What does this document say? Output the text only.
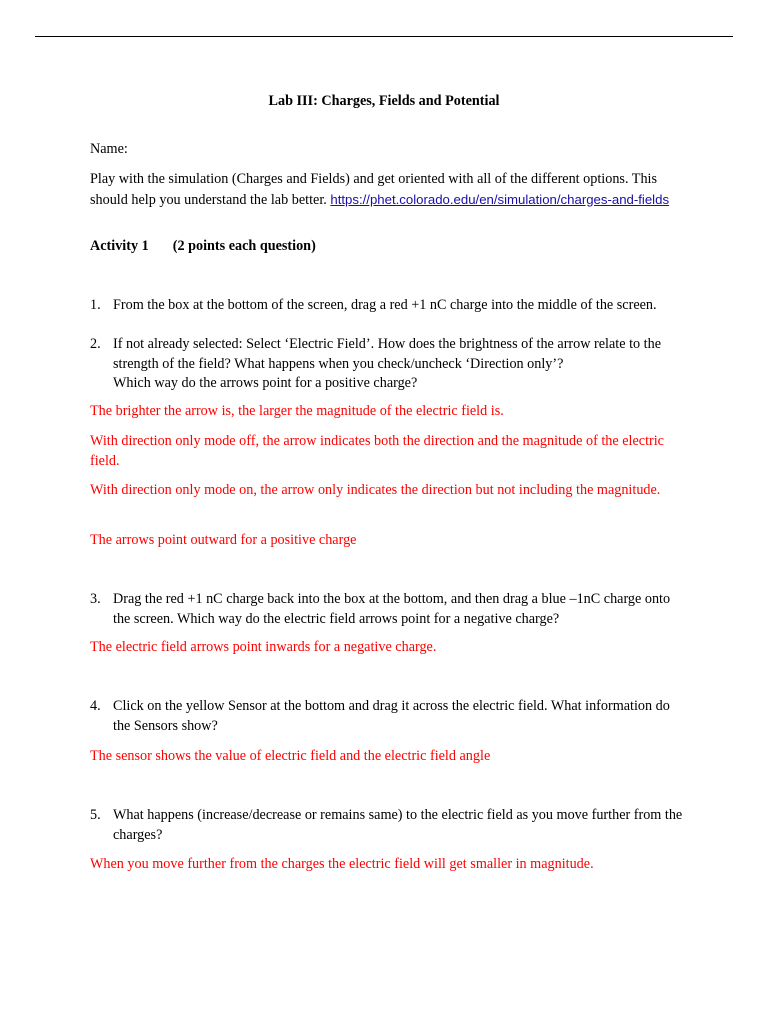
Lab III: Charges, Fields and Potential
Name:
Play with the simulation (Charges and Fields) and get oriented with all of the different options. This should help you understand the lab better. https://phet.colorado.edu/en/simulation/charges-and-fields
Activity 1 (2 points each question)
1. From the box at the bottom of the screen, drag a red +1 nC charge into the middle of the screen.
2. If not already selected: Select ‘Electric Field’. How does the brightness of the arrow relate to the strength of the field? What happens when you check/uncheck ‘Direction only’?
Which way do the arrows point for a positive charge?
The brighter the arrow is, the larger the magnitude of the electric field is.
With direction only mode off, the arrow indicates both the direction and the magnitude of the electric field.
With direction only mode on, the arrow only indicates the direction but not including the magnitude.
The arrows point outward for a positive charge
3. Drag the red +1 nC charge back into the box at the bottom, and then drag a blue –1nC charge onto the screen. Which way do the electric field arrows point for a negative charge?
The electric field arrows point inwards for a negative charge.
4. Click on the yellow Sensor at the bottom and drag it across the electric field. What information do the Sensors show?
The sensor shows the value of electric field and the electric field angle
5. What happens (increase/decrease or remains same) to the electric field as you move further from the charges?
When you move further from the charges the electric field will get smaller in magnitude.
